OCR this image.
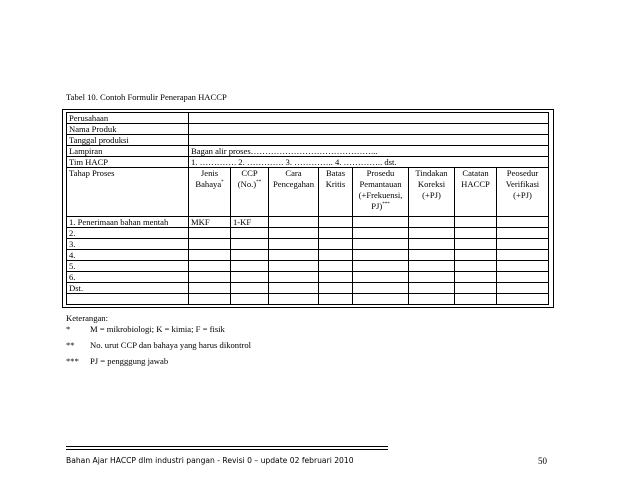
Tabel 10. Contoh Formulir Penerapan HACCP
Perusahaan								
Nama Produk								
Tanggal produksi								
Lampiran	Bagan alir proses……………………………………...							
Tim HACP	1. …………. 2. …………. 3. ………….. 4. ………….. dst.							
Tahap Proses	Jenis Bahaya*	CCP (No.)**	Cara Pencegahan	Batas Kritis	Prosedu Pemantauan (+Frekuensi, PJ)***	Tindakan Koreksi (+PJ)	Catatan HACCP	Peosedur Verifikasi (+PJ)
1. Penerimaan bahan mentah	MKF	1-KF						
2.								
3.								
4.								
5.								
6.								
Dst.								

Keterangan:
*	M = mikrobiologi; K = kimia; F = fisik
**	No. urut CCP dan bahaya yang harus dikontrol
***	PJ = pengggung jawab
Bahan Ajar HACCP dlm industri pangan - Revisi 0 – update 02 februari 2010	50
